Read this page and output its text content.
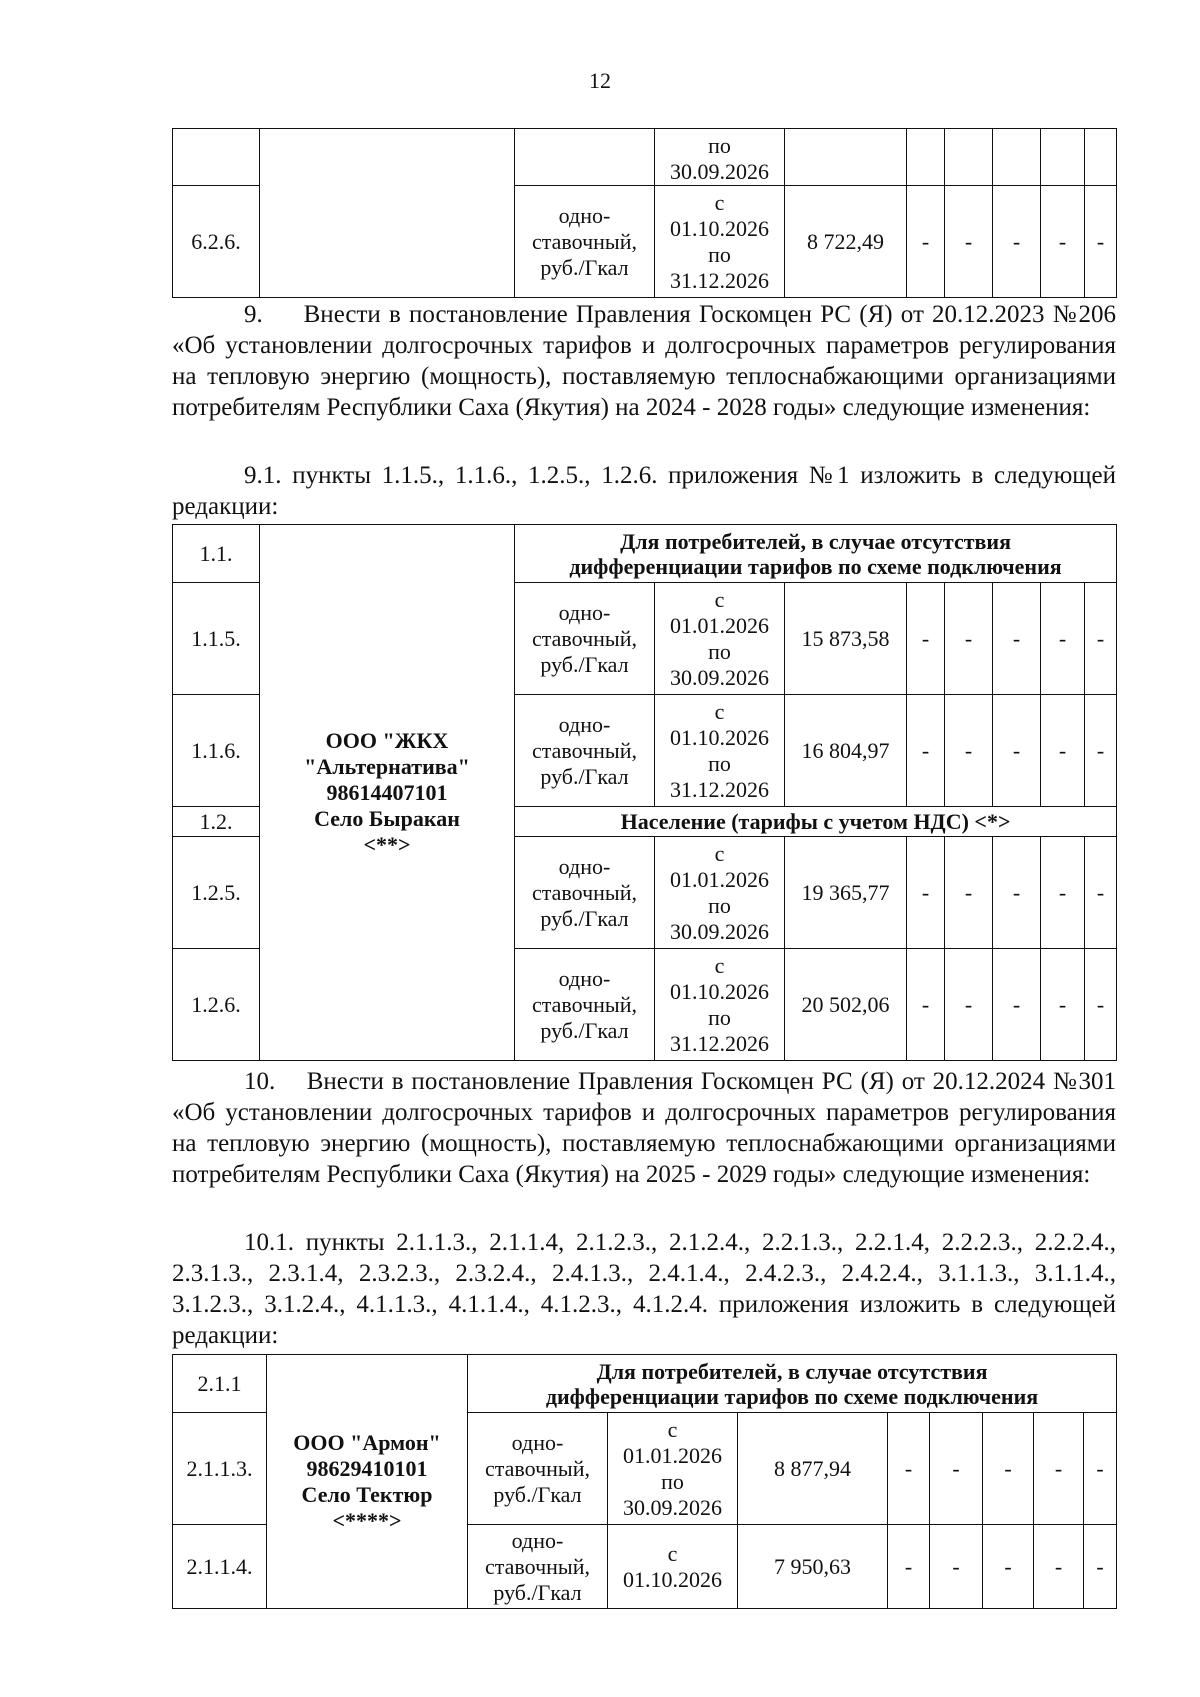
12
			по
30.09.2026						
6.2.6.		одно-
ставочный,
руб./Гкал	с
01.10.2026
по
31.12.2026	8 722,49	-	-	-	-	-
9.     Внести в постановление Правления Госкомцен РС (Я) от 20.12.2023 №206 «Об установлении долгосрочных тарифов и долгосрочных параметров регулирования на тепловую энергию (мощность), поставляемую теплоснабжающими организациями потребителям Республики Саха (Якутия) на 2024 - 2028 годы» следующие изменения:
9.1. пункты 1.1.5., 1.1.6., 1.2.5., 1.2.6. приложения №1 изложить в следующей редакции:
1.1.	ООО "ЖКХ
"Альтернатива"
98614407101
Село Быракан
<**>	Для потребителей, в случае отсутствия
дифференциации тарифов по схеме подключения							
1.1.5.		одно-
ставочный,
руб./Гкал	с
01.01.2026
по
30.09.2026	15 873,58	-	-	-	-	-
1.1.6.		одно-
ставочный,
руб./Гкал	с
01.10.2026
по
31.12.2026	16 804,97	-	-	-	-	-
1.2.		Население (тарифы с учетом НДС) <*>							
1.2.5.		одно-
ставочный,
руб./Гкал	с
01.01.2026
по
30.09.2026	19 365,77	-	-	-	-	-
1.2.6.		одно-
ставочный,
руб./Гкал	с
01.10.2026
по
31.12.2026	20 502,06	-	-	-	-	-
10.    Внести в постановление Правления Госкомцен РС (Я) от 20.12.2024 №301 «Об установлении долгосрочных тарифов и долгосрочных параметров регулирования на тепловую энергию (мощность), поставляемую теплоснабжающими организациями потребителям Республики Саха (Якутия) на 2025 - 2029 годы» следующие изменения:
10.1. пункты 2.1.1.3., 2.1.1.4, 2.1.2.3., 2.1.2.4., 2.2.1.3., 2.2.1.4, 2.2.2.3., 2.2.2.4., 2.3.1.3., 2.3.1.4, 2.3.2.3., 2.3.2.4., 2.4.1.3., 2.4.1.4., 2.4.2.3., 2.4.2.4., 3.1.1.3., 3.1.1.4., 3.1.2.3., 3.1.2.4., 4.1.1.3., 4.1.1.4., 4.1.2.3., 4.1.2.4. приложения изложить в следующей редакции:
2.1.1	ООО "Армон"
98629410101
Село Тектюр
<****>	Для потребителей, в случае отсутствия
дифференциации тарифов по схеме подключения							
2.1.1.3.		одно-
ставочный,
руб./Гкал	с
01.01.2026
по
30.09.2026	8 877,94	-	-	-	-	-
2.1.1.4.		одно-
ставочный,
руб./Гкал	с
01.10.2026	7 950,63	-	-	-	-	-
